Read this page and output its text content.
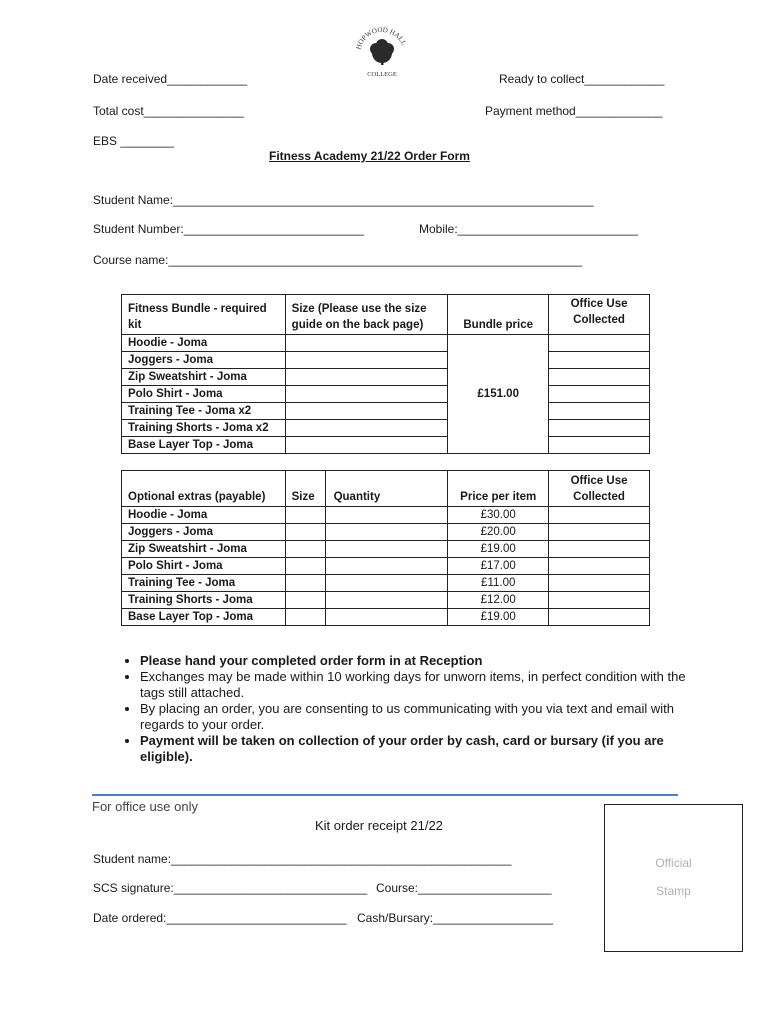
HOPWOOD HALL
COLLEGE
Date received____________	Ready to collect____________
Total cost_______________	Payment method_____________
EBS ________
Fitness Academy 21/22 Order Form
Student Name:_______________________________________________________________
Student Number:___________________________	Mobile:___________________________
Course name:______________________________________________________________
Fitness Bundle - required kit	Size (Please use the size guide on the back page)	Bundle price	Office Use Collected
Hoodie - Joma		£151.00	
Joggers - Joma			
Zip Sweatshirt - Joma			
Polo Shirt - Joma			
Training Tee - Joma x2			
Training Shorts - Joma x2			
Base Layer Top - Joma			
Optional extras (payable)	Size	Quantity	Price per item	Office Use Collected
Hoodie - Joma			£30.00	
Joggers - Joma			£20.00	
Zip Sweatshirt - Joma			£19.00	
Polo Shirt - Joma			£17.00	
Training Tee - Joma			£11.00	
Training Shorts - Joma			£12.00	
Base Layer Top - Joma			£19.00	
• Please hand your completed order form in at Reception
• Exchanges may be made within 10 working days for unworn items, in perfect condition with the tags still attached.
• By placing an order, you are consenting to us communicating with you via text and email with regards to your order.
• Payment will be taken on collection of your order by cash, card or bursary (if you are eligible).
For office use only
Kit order receipt 21/22
Student name:___________________________________________________
SCS signature:_____________________________ Course:____________________
Date ordered:___________________________ Cash/Bursary:__________________
Official
Stamp
